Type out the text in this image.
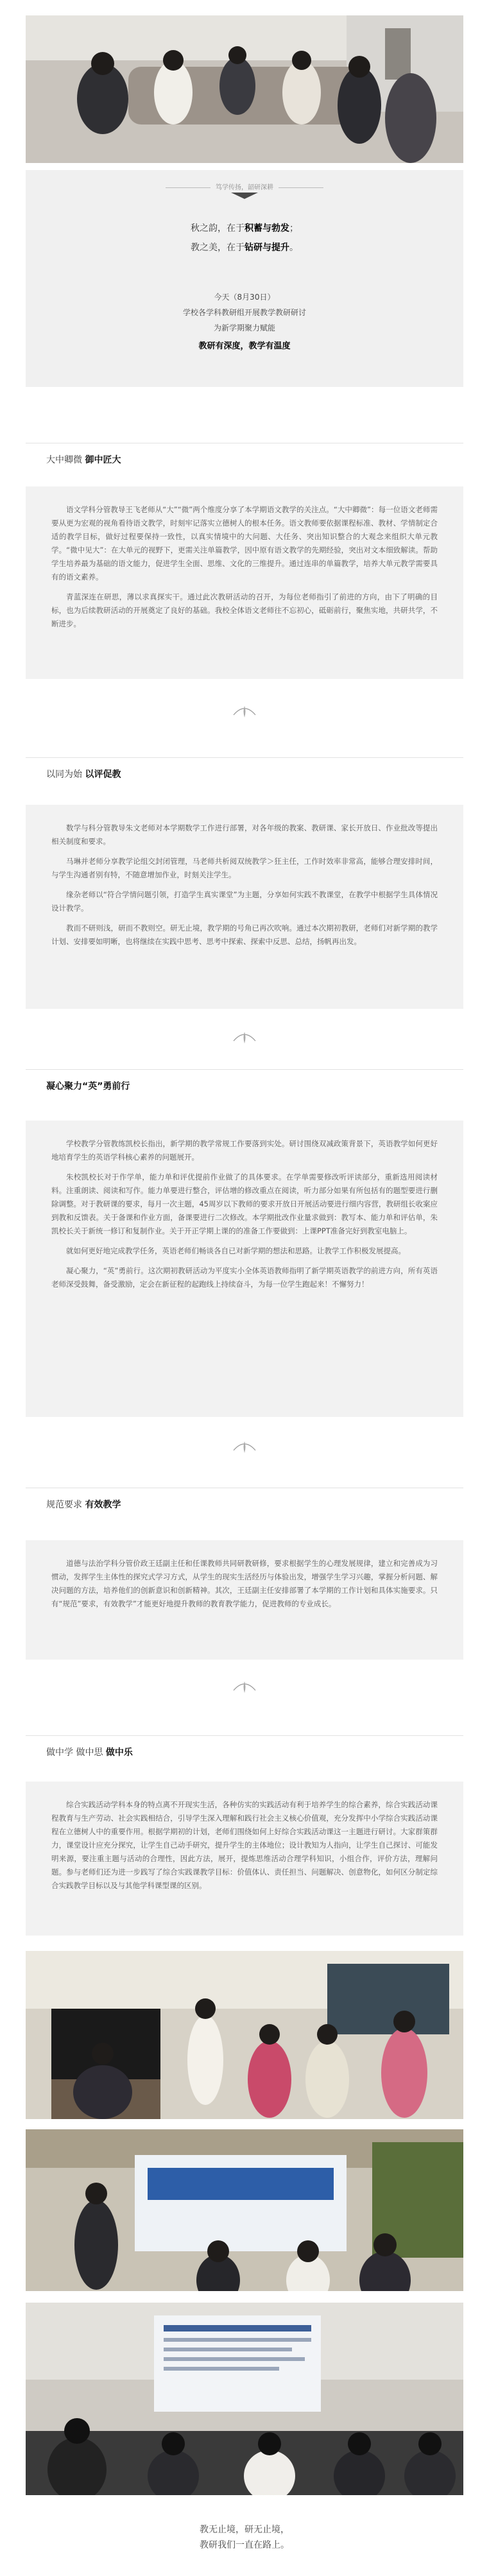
笃学传扬，韶研深耕
秋之韵，在于积蓄与勃发；
教之美，在于钻研与提升。
今天（8月30日）
学校各学科教研组开展教学教研研讨
为新学期聚力赋能
教研有深度，教学有温度
大中卿微 御中匠大

语文学科分管教导王飞老师从“大”“微”两个维度分享了本学期语文教学的关注点。“大中卿微”：每一位语文老师需要从更为宏观的视角看待语文教学，时刻牢记落实立德树人的根本任务。语文教师要依据课程标准、教材、学情制定合适的教学目标，做好过程要保持一致性，以真实情境中的大问题、大任务、突出知识整合的大观念来组织大单元教学。“微中见大”：在大单元的视野下，更需关注单篇教学，因中原有语文教学的先期经验，突出对文本细致解读。帮助学生培养最为基础的语文能力，促进学生全面、思维、文化的三维提升。通过连串的单篇教学，培养大单元教学需要具有的语文素养。

青蓝深连在研思，薄以求真探实干。通过此次教研活动的召开，为每位老师指引了前进的方向，由下了明确的目标，也为后续教研活动的开展奠定了良好的基础。我校全体语文老师往不忘初心，砥砺前行，聚焦实地，共研共学，不断进步。

以同为始 以评促教

数学与科分管教导朱文老师对本学期数学工作进行部署，对各年级的教案、教研课、家长开放日、作业批改等提出相关制度和要求。

马琳并老师分享教学论组交封闭管理，马老师共析阅双统教学＞狂主任，工作时效率非常高，能够合理安排时间，与学生沟通者别有特，不随意增加作业，时刻关注学生。

缘杂老师以“符合学情问题引领，打造学生真实课堂”为主题，分享如何实践不教课堂，在教学中根据学生具体情况设计教学。

教而不研则浅，研而不教则空。研无止境，教学期的号角已再次吹响。通过本次期初教研，老师们对新学期的教学计划、安排要如明晰，也将继续在实践中思考、思考中探索、探索中反思、总结，扬帆再出发。

凝心聚力“英”勇前行

学校教学分管教练凯校长指出，新学期的教学常规工作要落到实处。研讨围绕双减政策背景下，英语教学如何更好地培育学生的英语学科核心素养的问题展开。

朱校凯校长对于作学单，能力单和评优提前作业做了的具体要求。在学单需要修改听评读部分，重新选用阅读材料。注重朗读、阅读和写作。能力单要进行整合，评估增的修改重点在阅读，听力部分如果有所包括有的题型要进行删除调整。对于教研课的要求，每月一次主题，45周岁以下教师的要求开放日开展活动要进行细内容营，教研组长收案应到教和反馈表。关于备课和作业方面，备课要进行二次修改。本学期批改作业量求做到：教写本、能力单和评估单，朱凯校长关于新统一修订和复制作业。关于开正学期上课的的准备工作要做到：上课PPT准备完好到教室电脑上。

就如何更好地完成教学任务，英语老师们畅谈各自已对新学期的想法和思路。让教学工作积极发展提高。

凝心聚力，“英”勇前行。这次期初教研活动为平度实小全体英语教师指明了新学期英语教学的前进方向，所有英语老师深受鼓舞，备受激励，定会在新征程的起跑线上持续奋斗，为每一位学生跑起来！不懈努力！

规范要求 有效教学

道德与法治学科分管价政王廷副主任和任课教师共同研教研修，要求根据学生的心理发展规律，建立和完善成为习惯动，发挥学生主体性的探究式学习方式，从学生的现实生活经历与体验出发，增强学生学习兴趣，掌握分析问题、解决问题的方法，培养他们的创新意识和创新精神。其次，王廷副主任安排部署了本学期的工作计划和具体实施要求。只有“规范”要求，有效教学”才能更好地提升教师的教育教学能力，促进教师的专业成长。

做中学 做中思 做中乐

综合实践活动学科本身的特点离不开现实生活，各种仿实的实践活动有利于培养学生的综合素养，综合实践活动课程教育与生产劳动、社会实践相结合，引导学生深入理解和践行社会主义核心价值观，充分发挥中小学综合实践活动课程在立德树人中的重要作用。根据学期初的计划，老师们围绕如何上好综合实践活动课这一主题进行研讨。大家群策群力，课堂设计应充分探究，让学生自己动手研究，提升学生的主体地位；设计教知为人指向，让学生自己探讨、可能发明来源，要注重主题与活动的合理性，因此方法，展开，提炼思维活动合理学科知识，小组合作，评价方法，理解问题。参与老师们还为进一步践写了综合实践课教学目标：价值体认、责任担当、问题解决、创意物化，如何区分制定综合实践教学目标以及与其他学科课型课的区别。

教无止境，研无止境，
教研我们一直在路上。
